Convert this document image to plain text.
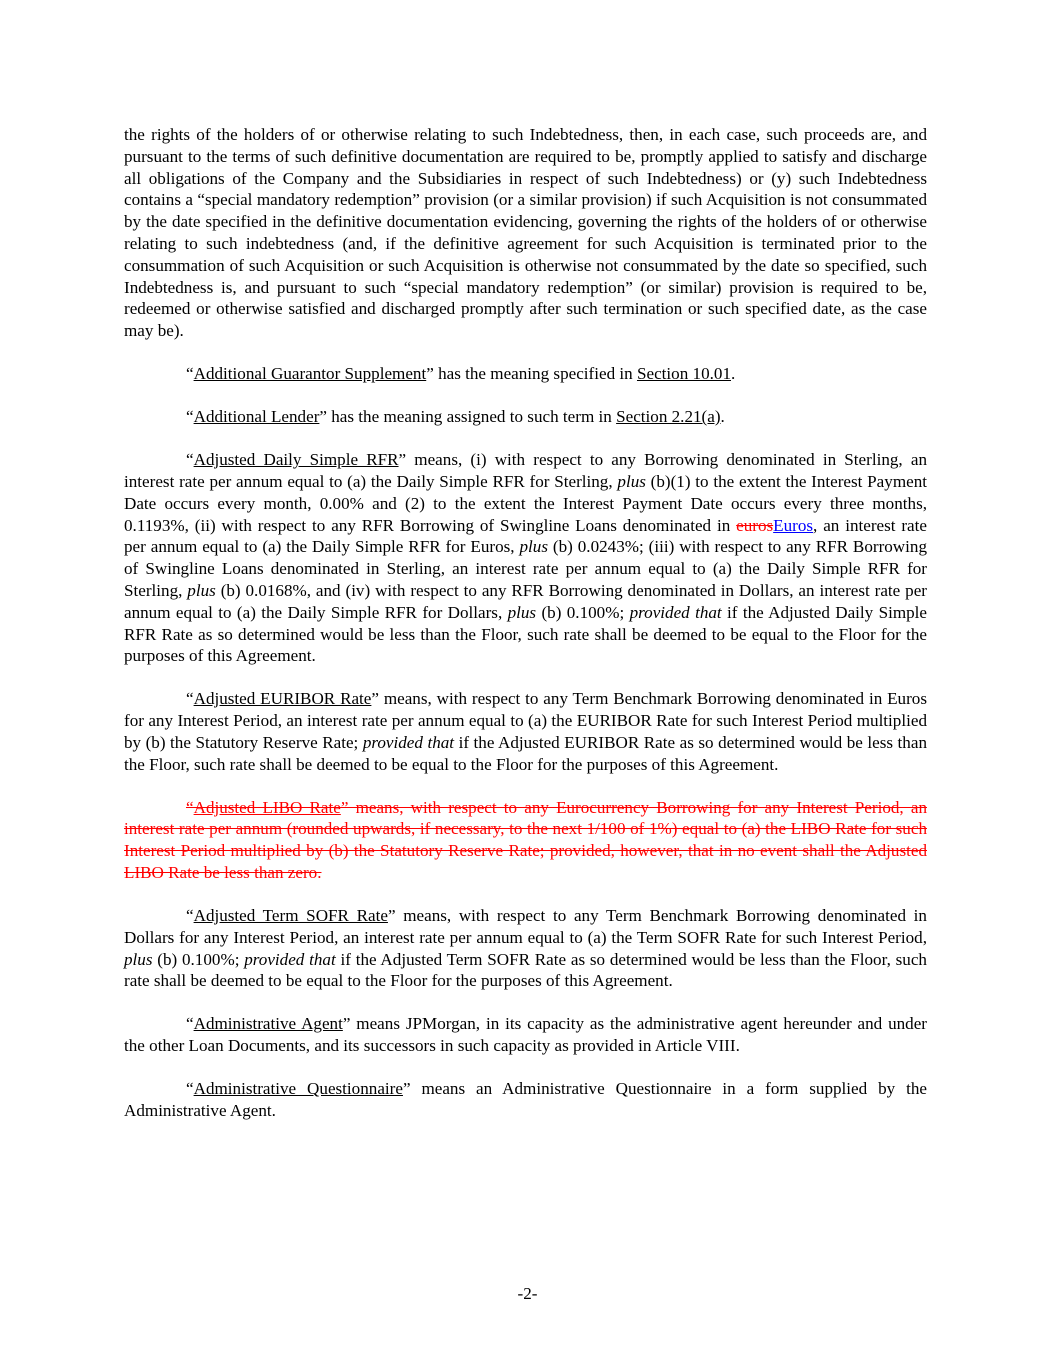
the rights of the holders of or otherwise relating to such Indebtedness, then, in each case, such proceeds are, and pursuant to the terms of such definitive documentation are required to be, promptly applied to satisfy and discharge all obligations of the Company and the Subsidiaries in respect of such Indebtedness) or (y) such Indebtedness contains a “special mandatory redemption” provision (or a similar provision) if such Acquisition is not consummated by the date specified in the definitive documentation evidencing, governing the rights of the holders of or otherwise relating to such indebtedness (and, if the definitive agreement for such Acquisition is terminated prior to the consummation of such Acquisition or such Acquisition is otherwise not consummated by the date so specified, such Indebtedness is, and pursuant to such “special mandatory redemption” (or similar) provision is required to be, redeemed or otherwise satisfied and discharged promptly after such termination or such specified date, as the case may be).

“Additional Guarantor Supplement” has the meaning specified in Section 10.01.

“Additional Lender” has the meaning assigned to such term in Section 2.21(a).

“Adjusted Daily Simple RFR” means, (i) with respect to any Borrowing denominated in Sterling, an interest rate per annum equal to (a) the Daily Simple RFR for Sterling, plus (b)(1) to the extent the Interest Payment Date occurs every month, 0.00% and (2) to the extent the Interest Payment Date occurs every three months, 0.1193%, (ii) with respect to any RFR Borrowing of Swingline Loans denominated in eurosEuros, an interest rate per annum equal to (a) the Daily Simple RFR for Euros, plus (b) 0.0243%; (iii) with respect to any RFR Borrowing of Swingline Loans denominated in Sterling, an interest rate per annum equal to (a) the Daily Simple RFR for Sterling, plus (b) 0.0168%, and (iv) with respect to any RFR Borrowing denominated in Dollars, an interest rate per annum equal to (a) the Daily Simple RFR for Dollars, plus (b) 0.100%; provided that if the Adjusted Daily Simple RFR Rate as so determined would be less than the Floor, such rate shall be deemed to be equal to the Floor for the purposes of this Agreement.

“Adjusted EURIBOR Rate” means, with respect to any Term Benchmark Borrowing denominated in Euros for any Interest Period, an interest rate per annum equal to (a) the EURIBOR Rate for such Interest Period multiplied by (b) the Statutory Reserve Rate; provided that if the Adjusted EURIBOR Rate as so determined would be less than the Floor, such rate shall be deemed to be equal to the Floor for the purposes of this Agreement.

“Adjusted LIBO Rate” means, with respect to any Eurocurrency Borrowing for any Interest Period, an interest rate per annum (rounded upwards, if necessary, to the next 1/100 of 1%) equal to (a) the LIBO Rate for such Interest Period multiplied by (b) the Statutory Reserve Rate; provided, however, that in no event shall the Adjusted LIBO Rate be less than zero.

“Adjusted Term SOFR Rate” means, with respect to any Term Benchmark Borrowing denominated in Dollars for any Interest Period, an interest rate per annum equal to (a) the Term SOFR Rate for such Interest Period, plus (b) 0.100%; provided that if the Adjusted Term SOFR Rate as so determined would be less than the Floor, such rate shall be deemed to be equal to the Floor for the purposes of this Agreement.

“Administrative Agent” means JPMorgan, in its capacity as the administrative agent hereunder and under the other Loan Documents, and its successors in such capacity as provided in Article VIII.

“Administrative Questionnaire” means an Administrative Questionnaire in a form supplied by the Administrative Agent.

-2-
